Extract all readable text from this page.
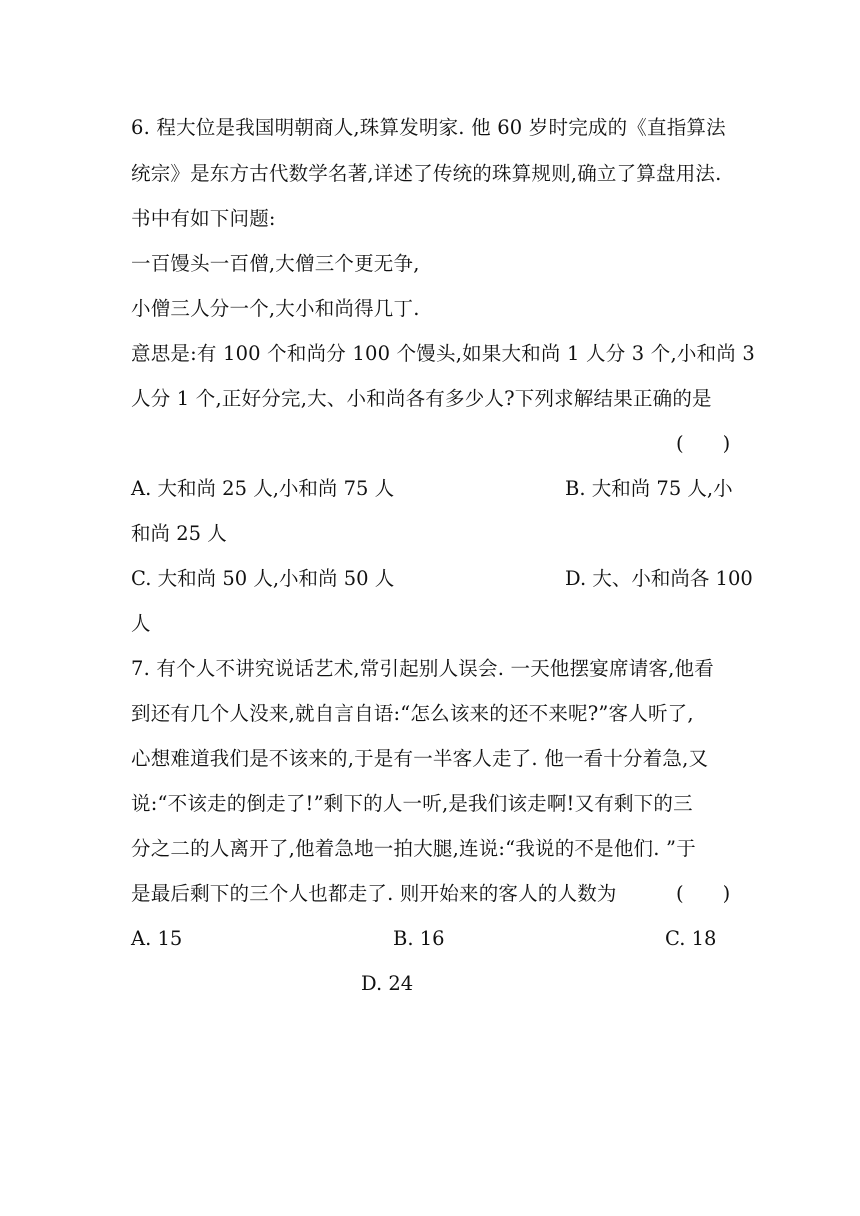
6. 程大位是我国明朝商人,珠算发明家. 他 60 岁时完成的《直指算法
统宗》是东方古代数学名著,详述了传统的珠算规则,确立了算盘用法.
书中有如下问题:
一百馒头一百僧,大僧三个更无争,
小僧三人分一个,大小和尚得几丁.
意思是:有 100 个和尚分 100 个馒头,如果大和尚 1 人分 3 个,小和尚 3
人分 1 个,正好分完,大、小和尚各有多少人?下列求解结果正确的是
(　　)
A. 大和尚 25 人,小和尚 75 人	B. 大和尚 75 人,小
和尚 25 人
C. 大和尚 50 人,小和尚 50 人	D. 大、小和尚各 100
人
7. 有个人不讲究说话艺术,常引起别人误会. 一天他摆宴席请客,他看
到还有几个人没来,就自言自语:“怎么该来的还不来呢?”客人听了,
心想难道我们是不该来的,于是有一半客人走了. 他一看十分着急,又
说:“不该走的倒走了!”剩下的人一听,是我们该走啊!又有剩下的三
分之二的人离开了,他着急地一拍大腿,连说:“我说的不是他们. ”于
是最后剩下的三个人也都走了. 则开始来的客人的人数为	(　　)
A. 15	B. 16	C. 18
D. 24
